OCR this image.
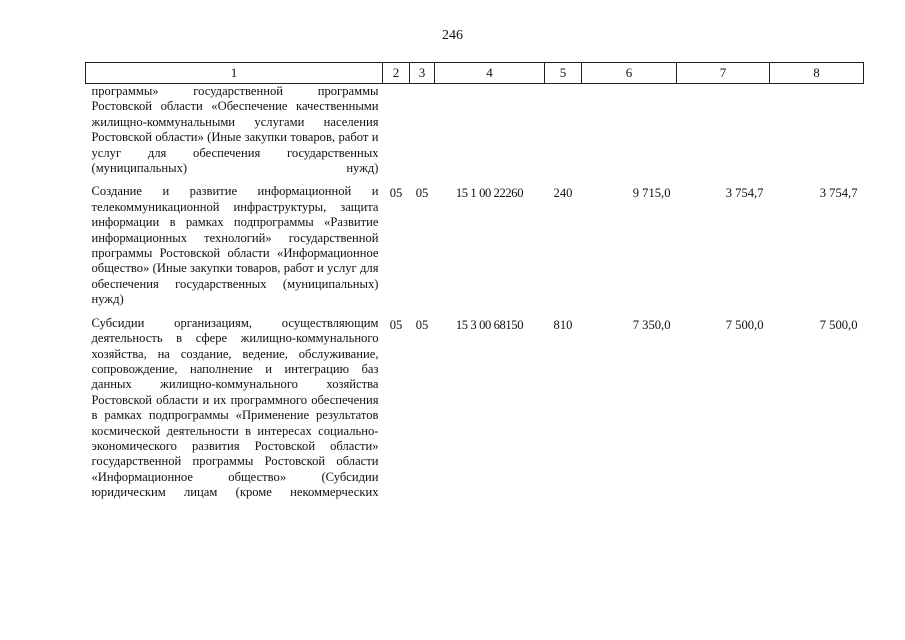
246
1	2	3	4	5	6	7	8
программы» государственной программы Ростовской области «Обеспечение качественными жилищно-коммунальными услугами населения Ростовской области» (Иные закупки товаров, работ и услуг для обеспечения государственных (муниципальных) нужд)							
Создание и развитие информационной и телекоммуникационной инфраструктуры, защита информации в рамках подпрограммы «Развитие информационных технологий» государственной программы Ростовской области «Информационное общество» (Иные закупки товаров, работ и услуг для обеспечения государственных (муниципальных) нужд)	05	05	15 1 00 22260	240	9 715,0	3 754,7	3 754,7
Субсидии организациям, осуществляющим деятельность в сфере жилищно-коммунального хозяйства, на создание, ведение, обслуживание, сопровождение, наполнение и интеграцию баз данных жилищно-коммунального хозяйства Ростовской области и их программного обеспечения в рамках подпрограммы «Применение результатов космической деятельности в интересах социально-экономического развития Ростовской области» государственной программы Ростовской области «Информационное общество» (Субсидии юридическим лицам (кроме некоммерческих	05	05	15 3 00 68150	810	7 350,0	7 500,0	7 500,0
